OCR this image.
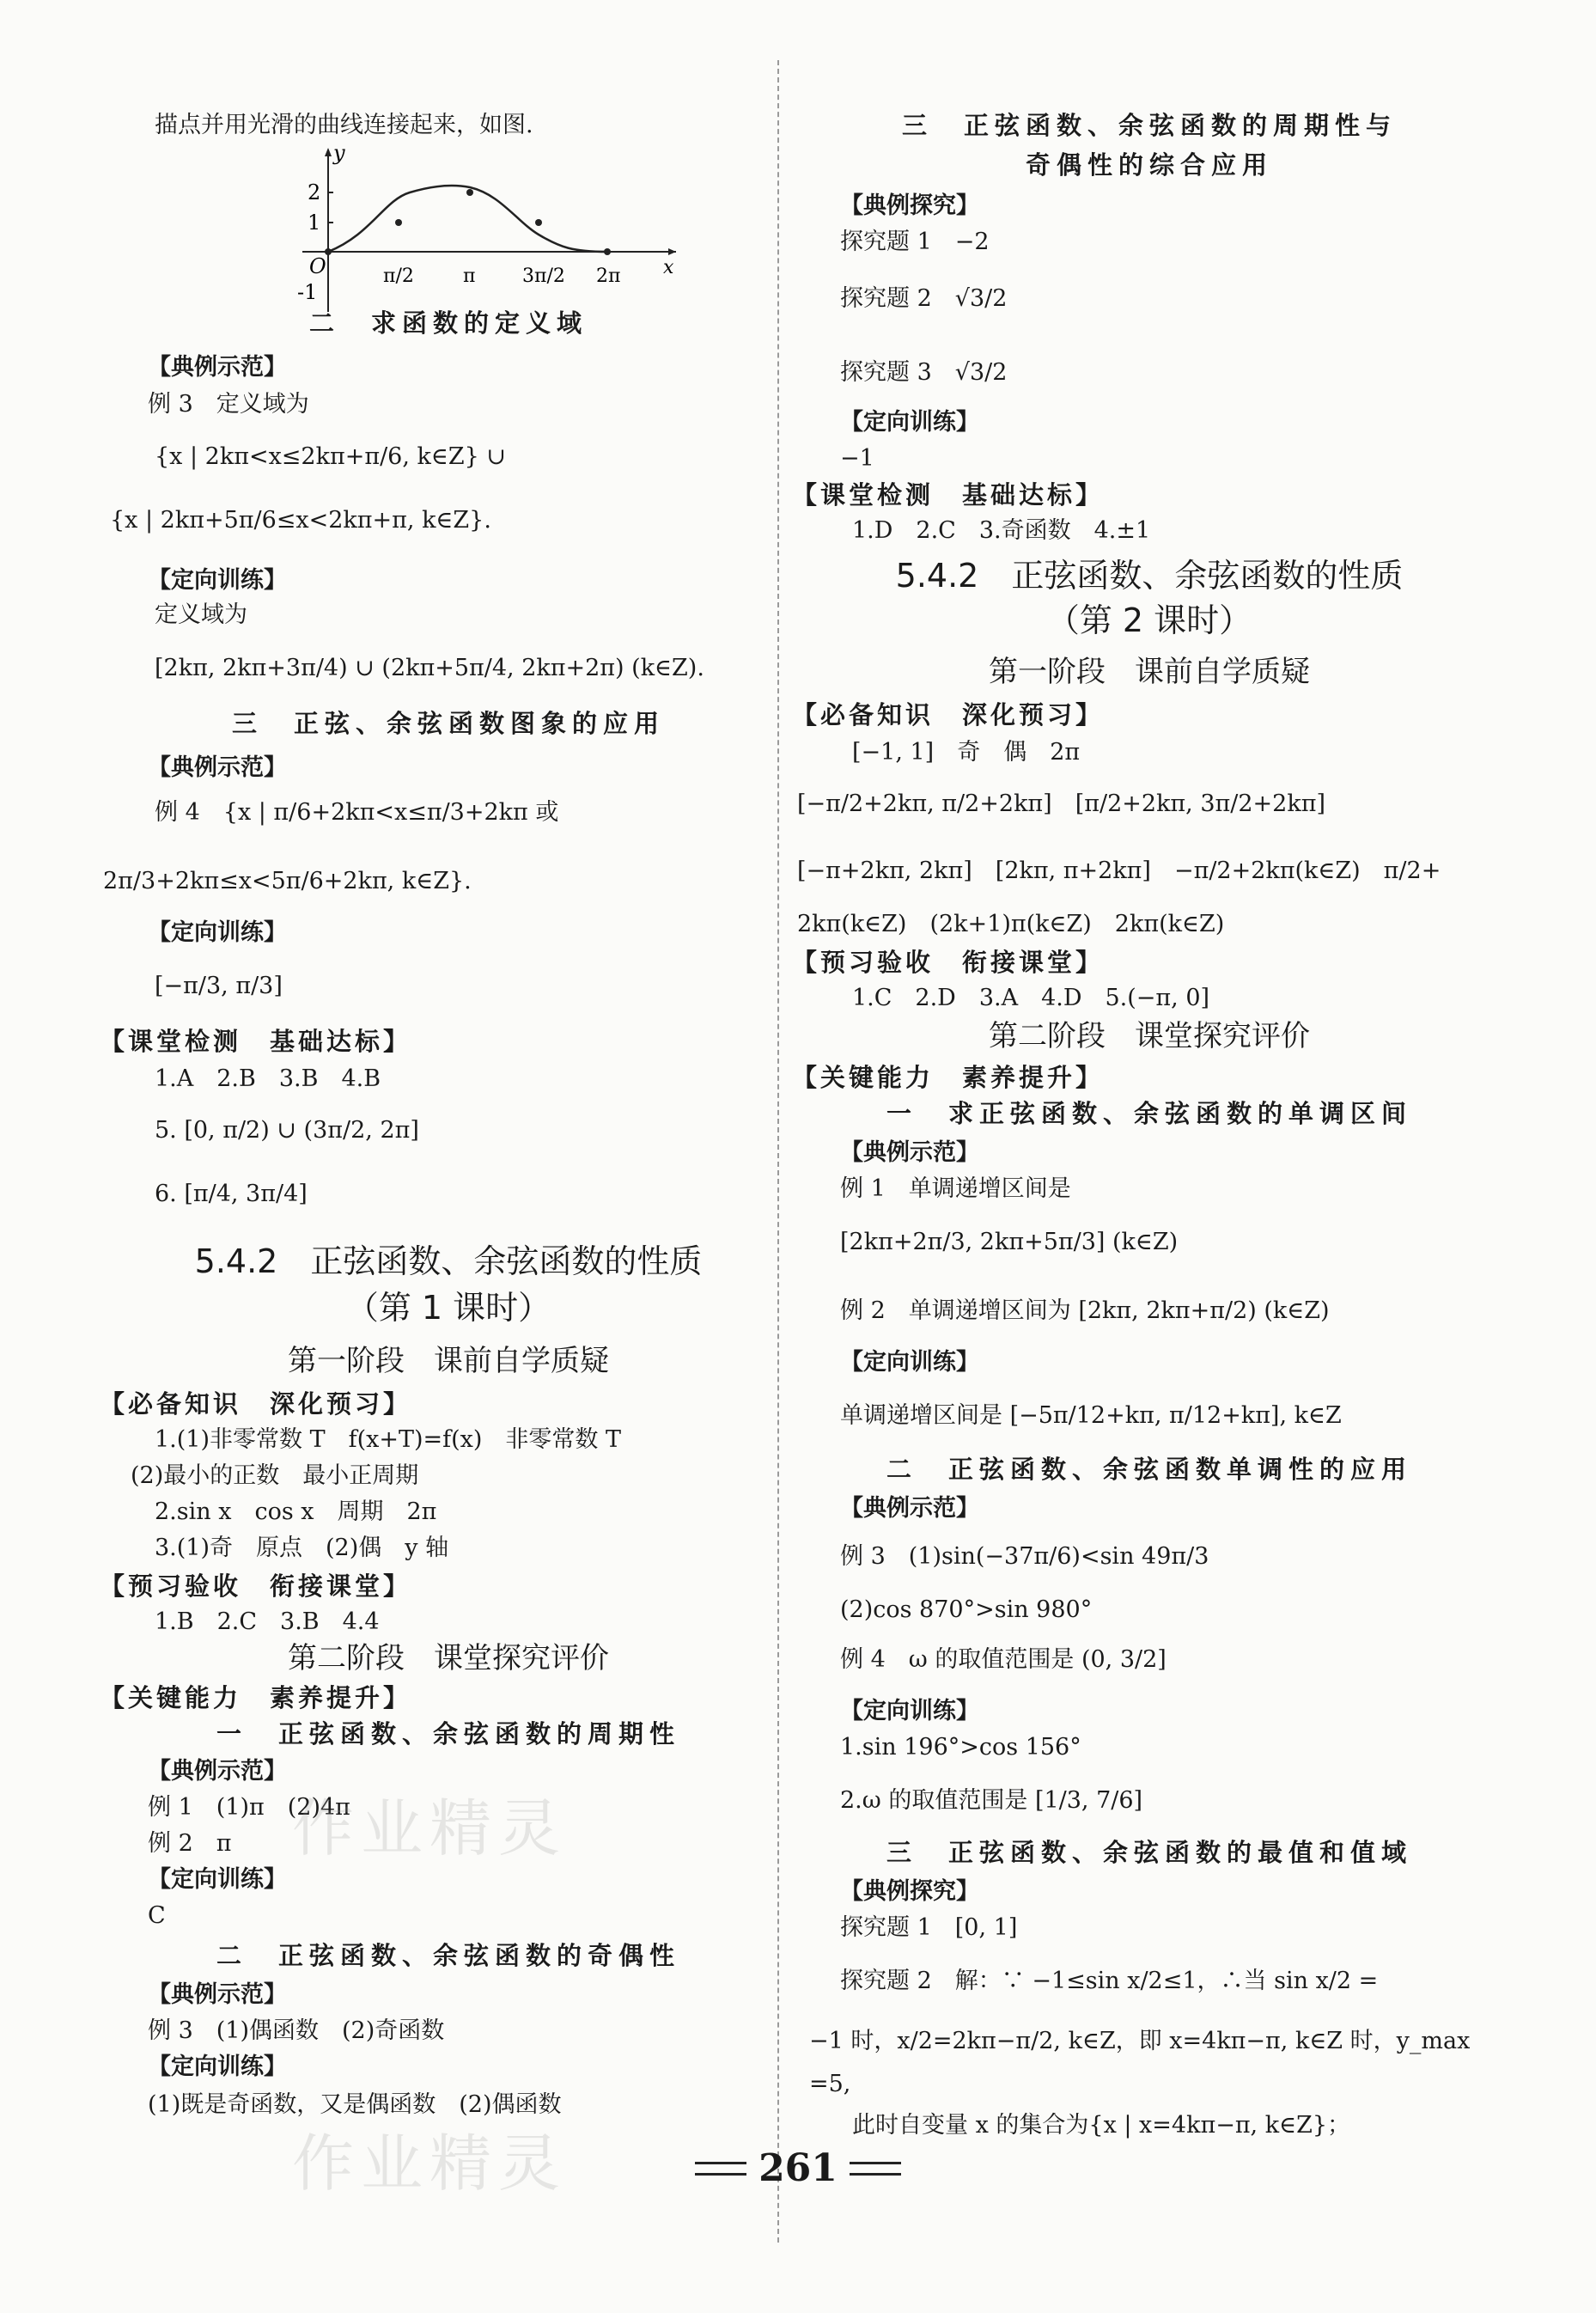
描点并用光滑的曲线连接起来，如图.
y
2
1
O
-1
π/2	π 3π/2 2π x
二　求函数的定义域
【典例示范】
例 3　定义域为
{x | 2kπ<x≤2kπ+π/6, k∈Z} ∪
{x | 2kπ+5π/6≤x<2kπ+π, k∈Z}.
【定向训练】
定义域为
[2kπ, 2kπ+3π/4) ∪ (2kπ+5π/4, 2kπ+2π) (k∈Z).
三　正弦、余弦函数图象的应用
【典例示范】
例 4　{x | π/6+2kπ<x≤π/3+2kπ 或
2π/3+2kπ≤x<5π/6+2kπ, k∈Z}.
【定向训练】
[−π/3, π/3]
【课堂检测　基础达标】
1.A　2.B　3.B　4.B
5. [0, π/2) ∪ (3π/2, 2π]
6. [π/4, 3π/4]
5.4.2　正弦函数、余弦函数的性质
（第 1 课时）
第一阶段　课前自学质疑
【必备知识　深化预习】
1.(1)非零常数 T　f(x+T)=f(x)　非零常数 T
(2)最小的正数　最小正周期
2.sin x　cos x　周期　2π
3.(1)奇　原点　(2)偶　y 轴
【预习验收　衔接课堂】
1.B　2.C　3.B　4.4
第二阶段　课堂探究评价
【关键能力　素养提升】
一　正弦函数、余弦函数的周期性
【典例示范】
例 1　(1)π　(2)4π
例 2　π
【定向训练】
C
二　正弦函数、余弦函数的奇偶性
【典例示范】
例 3　(1)偶函数　(2)奇函数
【定向训练】
(1)既是奇函数，又是偶函数　(2)偶函数
三　正弦函数、余弦函数的周期性与
奇偶性的综合应用
【典例探究】
探究题 1　−2
探究题 2　√3/2
探究题 3　√3/2
【定向训练】
−1
【课堂检测　基础达标】
1.D　2.C　3.奇函数　4.±1
5.4.2　正弦函数、余弦函数的性质
（第 2 课时）
第一阶段　课前自学质疑
【必备知识　深化预习】
[−1, 1]　奇　偶　2π
[−π/2+2kπ, π/2+2kπ]　[π/2+2kπ, 3π/2+2kπ]
[−π+2kπ, 2kπ]　[2kπ, π+2kπ]　−π/2+2kπ(k∈Z)　π/2+
2kπ(k∈Z)　(2k+1)π(k∈Z)　2kπ(k∈Z)
【预习验收　衔接课堂】
1.C　2.D　3.A　4.D　5.(−π, 0]
第二阶段　课堂探究评价
【关键能力　素养提升】
一　求正弦函数、余弦函数的单调区间
【典例示范】
例 1　单调递增区间是
[2kπ+2π/3, 2kπ+5π/3] (k∈Z)
例 2　单调递增区间为 [2kπ, 2kπ+π/2) (k∈Z)
【定向训练】
单调递增区间是 [−5π/12+kπ, π/12+kπ], k∈Z
二　正弦函数、余弦函数单调性的应用
【典例示范】
例 3　(1)sin(−37π/6)<sin 49π/3
(2)cos 870°>sin 980°
例 4　ω 的取值范围是 (0, 3/2]
【定向训练】
1.sin 196°>cos 156°
2.ω 的取值范围是 [1/3, 7/6]
三　正弦函数、余弦函数的最值和值域
【典例探究】
探究题 1　[0, 1]
探究题 2　解：∵ −1≤sin x/2≤1，∴当 sin x/2 =
−1 时，x/2=2kπ−π/2, k∈Z，即 x=4kπ−π, k∈Z 时，y_max
=5,
此时自变量 x 的集合为{x | x=4kπ−π, k∈Z}；
作业精灵
作业精灵	261
